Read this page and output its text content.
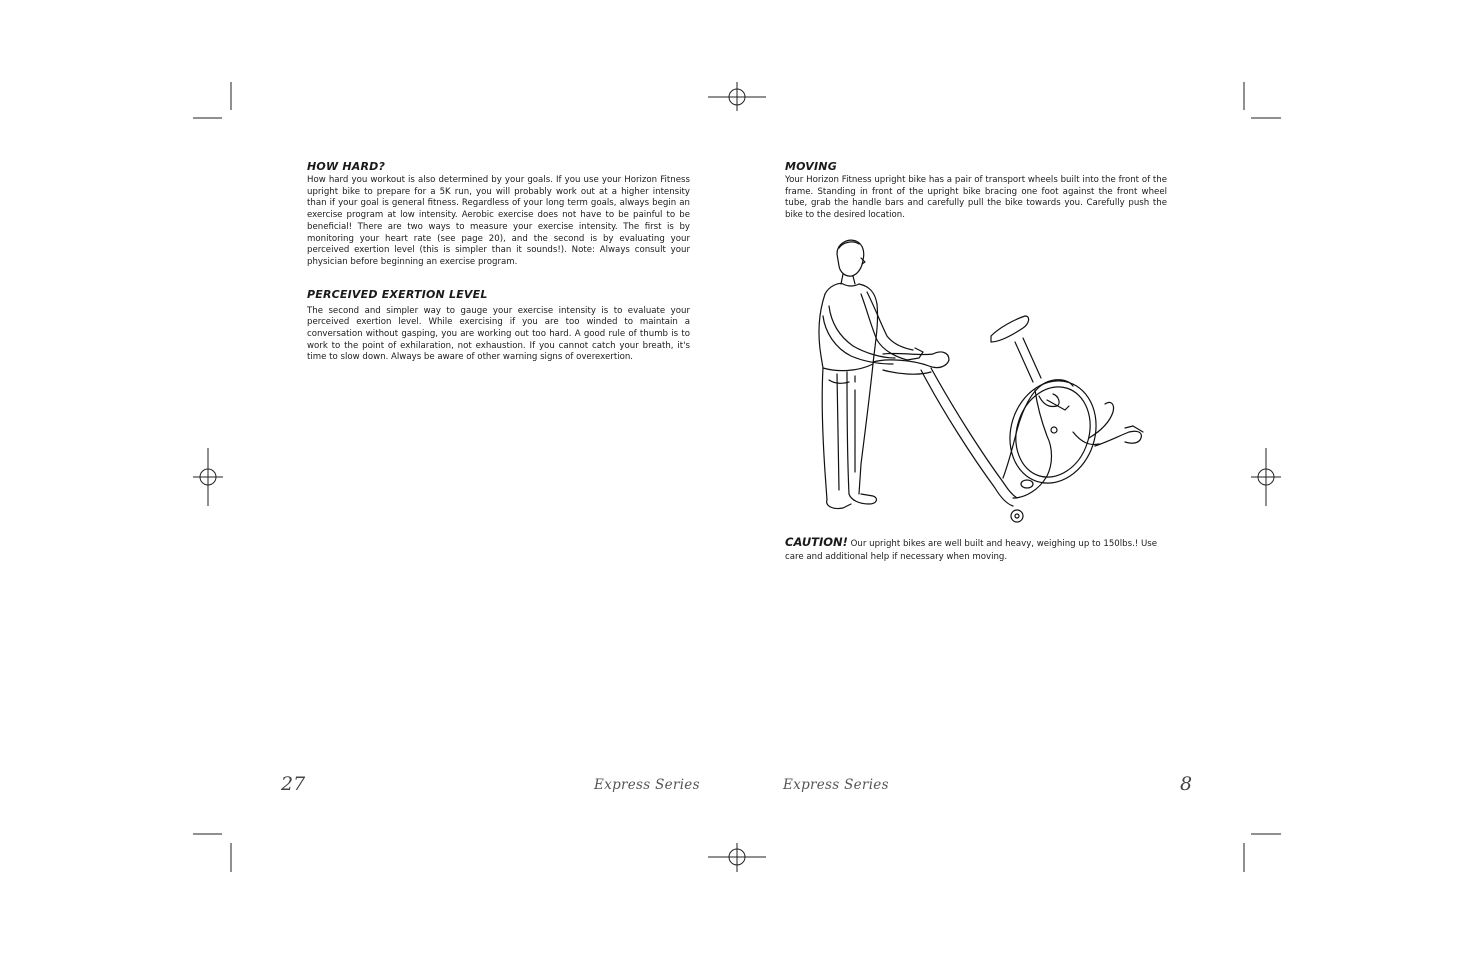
HOW HARD?

How hard you workout is also determined by your goals. If you use your Horizon Fitness upright bike to prepare for a 5K run, you will probably work out at a higher intensity than if your goal is general fitness. Regardless of your long term goals, always begin an exercise program at low intensity. Aerobic exercise does not have to be painful to be beneficial! There are two ways to measure your exercise intensity. The first is by monitoring your heart rate (see page 20), and the second is by evaluating your perceived exertion level (this is simpler than it sounds!). Note: Always consult your physician before beginning an exercise program.

PERCEIVED EXERTION LEVEL

The second and simpler way to gauge your exercise intensity is to evaluate your perceived exertion level. While exercising if you are too winded to maintain a conversation without gasping, you are working out too hard. A good rule of thumb is to work to the point of exhilaration, not exhaustion. If you cannot catch your breath, it's time to slow down. Always be aware of other warning signs of overexertion.

MOVING

Your Horizon Fitness upright bike has a pair of transport wheels built into the front of the frame. Standing in front of the upright bike bracing one foot against the front wheel tube, grab the handle bars and carefully pull the bike towards you. Carefully push the bike to the desired location.

CAUTION! Our upright bikes are well built and heavy, weighing up to 150lbs.! Use care and additional help if necessary when moving.
27	Express Series	Express Series	8
